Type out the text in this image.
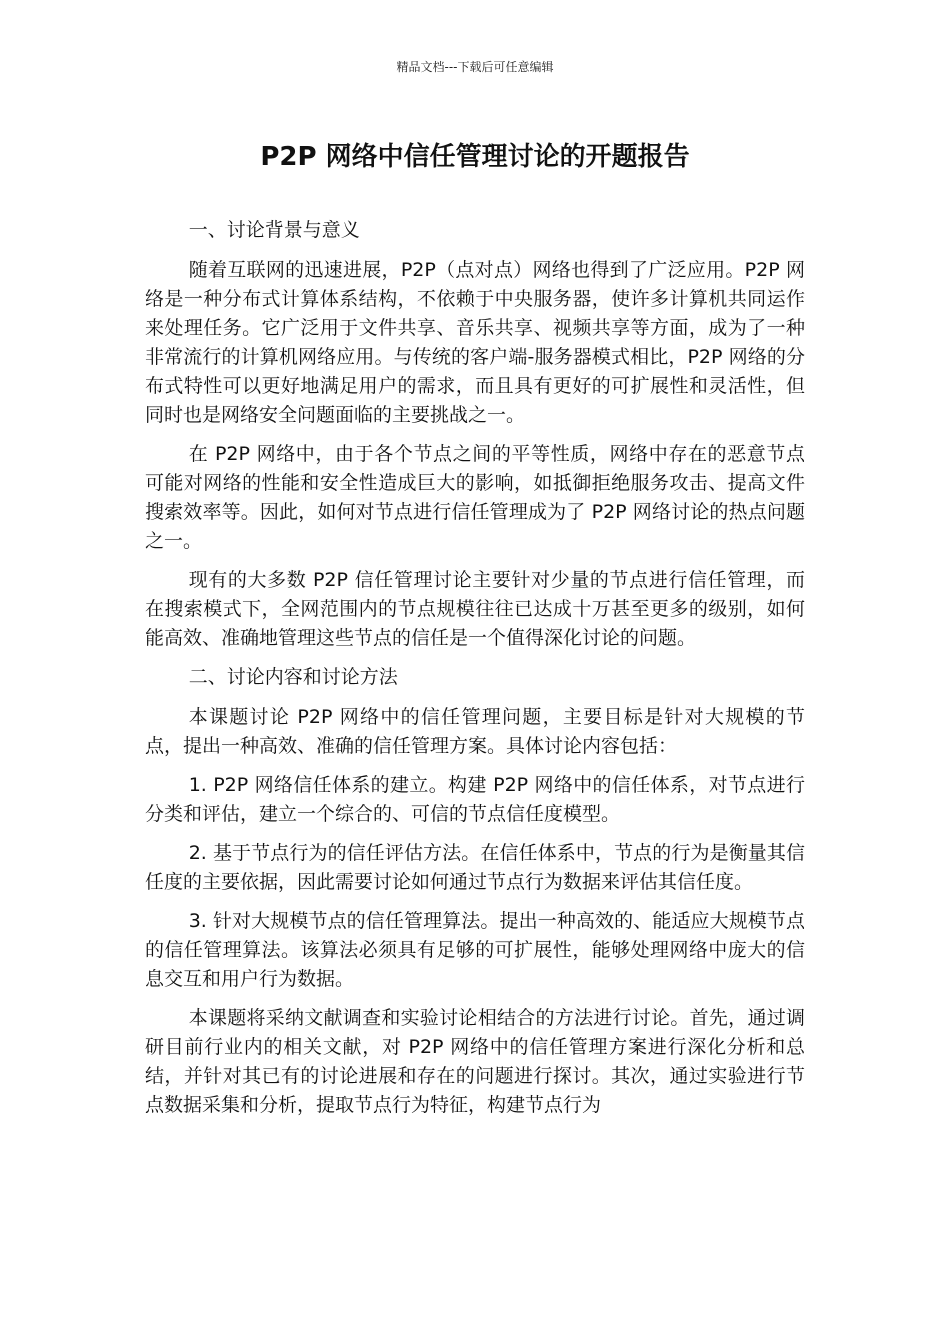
精品文档---下载后可任意编辑
P2P 网络中信任管理讨论的开题报告

一、讨论背景与意义

随着互联网的迅速进展，P2P（点对点）网络也得到了广泛应用。P2P 网络是一种分布式计算体系结构，不依赖于中央服务器，使许多计算机共同运作来处理任务。它广泛用于文件共享、音乐共享、视频共享等方面，成为了一种非常流行的计算机网络应用。与传统的客户端-服务器模式相比，P2P 网络的分布式特性可以更好地满足用户的需求，而且具有更好的可扩展性和灵活性，但同时也是网络安全问题面临的主要挑战之一。

在 P2P 网络中，由于各个节点之间的平等性质，网络中存在的恶意节点可能对网络的性能和安全性造成巨大的影响，如抵御拒绝服务攻击、提高文件搜索效率等。因此，如何对节点进行信任管理成为了 P2P 网络讨论的热点问题之一。

现有的大多数 P2P 信任管理讨论主要针对少量的节点进行信任管理，而在搜索模式下，全网范围内的节点规模往往已达成十万甚至更多的级别，如何能高效、准确地管理这些节点的信任是一个值得深化讨论的问题。

二、讨论内容和讨论方法

本课题讨论 P2P 网络中的信任管理问题，主要目标是针对大规模的节点，提出一种高效、准确的信任管理方案。具体讨论内容包括：

1. P2P 网络信任体系的建立。构建 P2P 网络中的信任体系，对节点进行分类和评估，建立一个综合的、可信的节点信任度模型。

2. 基于节点行为的信任评估方法。在信任体系中，节点的行为是衡量其信任度的主要依据，因此需要讨论如何通过节点行为数据来评估其信任度。

3. 针对大规模节点的信任管理算法。提出一种高效的、能适应大规模节点的信任管理算法。该算法必须具有足够的可扩展性，能够处理网络中庞大的信息交互和用户行为数据。

本课题将采纳文献调查和实验讨论相结合的方法进行讨论。首先，通过调研目前行业内的相关文献，对 P2P 网络中的信任管理方案进行深化分析和总结，并针对其已有的讨论进展和存在的问题进行探讨。其次，通过实验进行节点数据采集和分析，提取节点行为特征，构建节点行为
